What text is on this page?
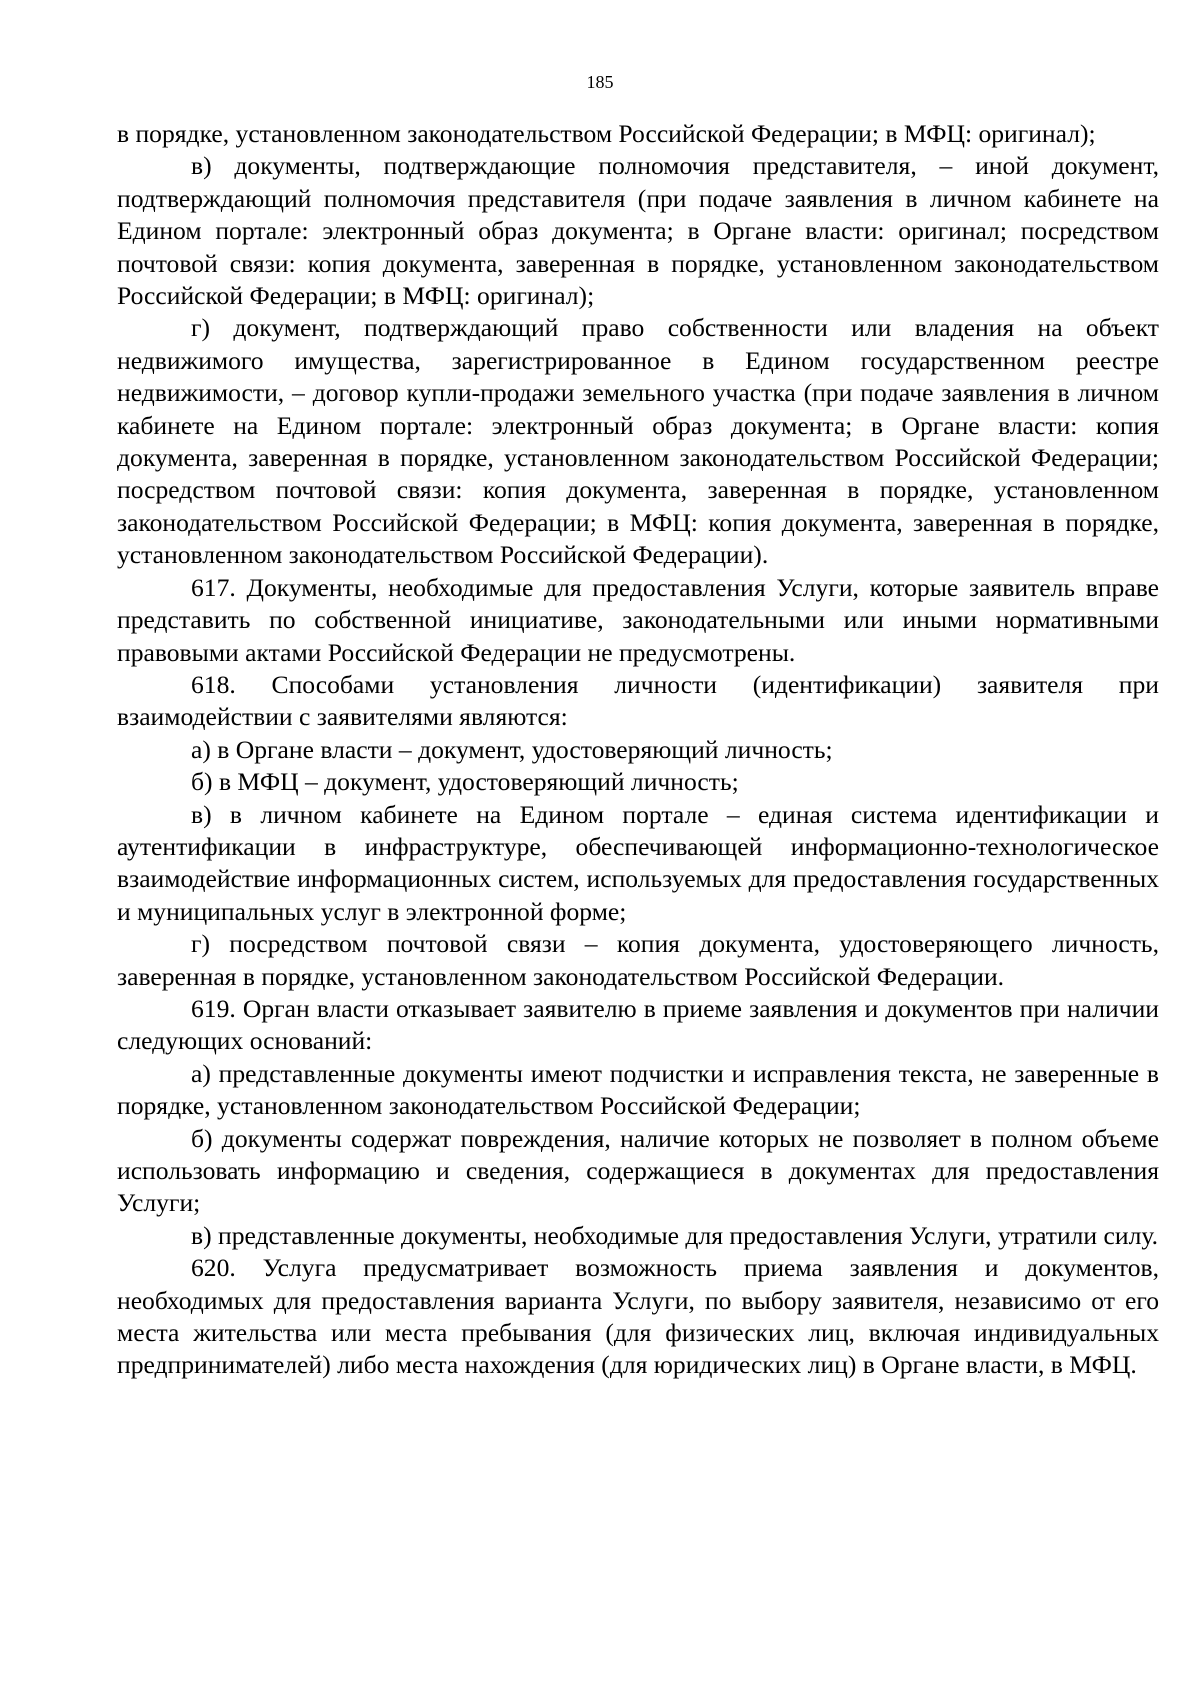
185

в порядке, установленном законодательством Российской Федерации; в МФЦ: оригинал);

в) документы, подтверждающие полномочия представителя, – иной документ, подтверждающий полномочия представителя (при подаче заявления в личном кабинете на Едином портале: электронный образ документа; в Органе власти: оригинал; посредством почтовой связи: копия документа, заверенная в порядке, установленном законодательством Российской Федерации; в МФЦ: оригинал);

г) документ, подтверждающий право собственности или владения на объект недвижимого имущества, зарегистрированное в Едином государственном реестре недвижимости, – договор купли-продажи земельного участка (при подаче заявления в личном кабинете на Едином портале: электронный образ документа; в Органе власти: копия документа, заверенная в порядке, установленном законодательством Российской Федерации; посредством почтовой связи: копия документа, заверенная в порядке, установленном законодательством Российской Федерации; в МФЦ: копия документа, заверенная в порядке, установленном законодательством Российской Федерации).

617. Документы, необходимые для предоставления Услуги, которые заявитель вправе представить по собственной инициативе, законодательными или иными нормативными правовыми актами Российской Федерации не предусмотрены.

618. Способами установления личности (идентификации) заявителя при взаимодействии с заявителями являются:

а) в Органе власти – документ, удостоверяющий личность;

б) в МФЦ – документ, удостоверяющий личность;

в) в личном кабинете на Едином портале – единая система идентификации и аутентификации в инфраструктуре, обеспечивающей информационно-технологическое взаимодействие информационных систем, используемых для предоставления государственных и муниципальных услуг в электронной форме;

г) посредством почтовой связи – копия документа, удостоверяющего личность, заверенная в порядке, установленном законодательством Российской Федерации.

619. Орган власти отказывает заявителю в приеме заявления и документов при наличии следующих оснований:

а) представленные документы имеют подчистки и исправления текста, не заверенные в порядке, установленном законодательством Российской Федерации;

б) документы содержат повреждения, наличие которых не позволяет в полном объеме использовать информацию и сведения, содержащиеся в документах для предоставления Услуги;

в) представленные документы, необходимые для предоставления Услуги, утратили силу.

620. Услуга предусматривает возможность приема заявления и документов, необходимых для предоставления варианта Услуги, по выбору заявителя, независимо от его места жительства или места пребывания (для физических лиц, включая индивидуальных предпринимателей) либо места нахождения (для юридических лиц) в Органе власти, в МФЦ.
